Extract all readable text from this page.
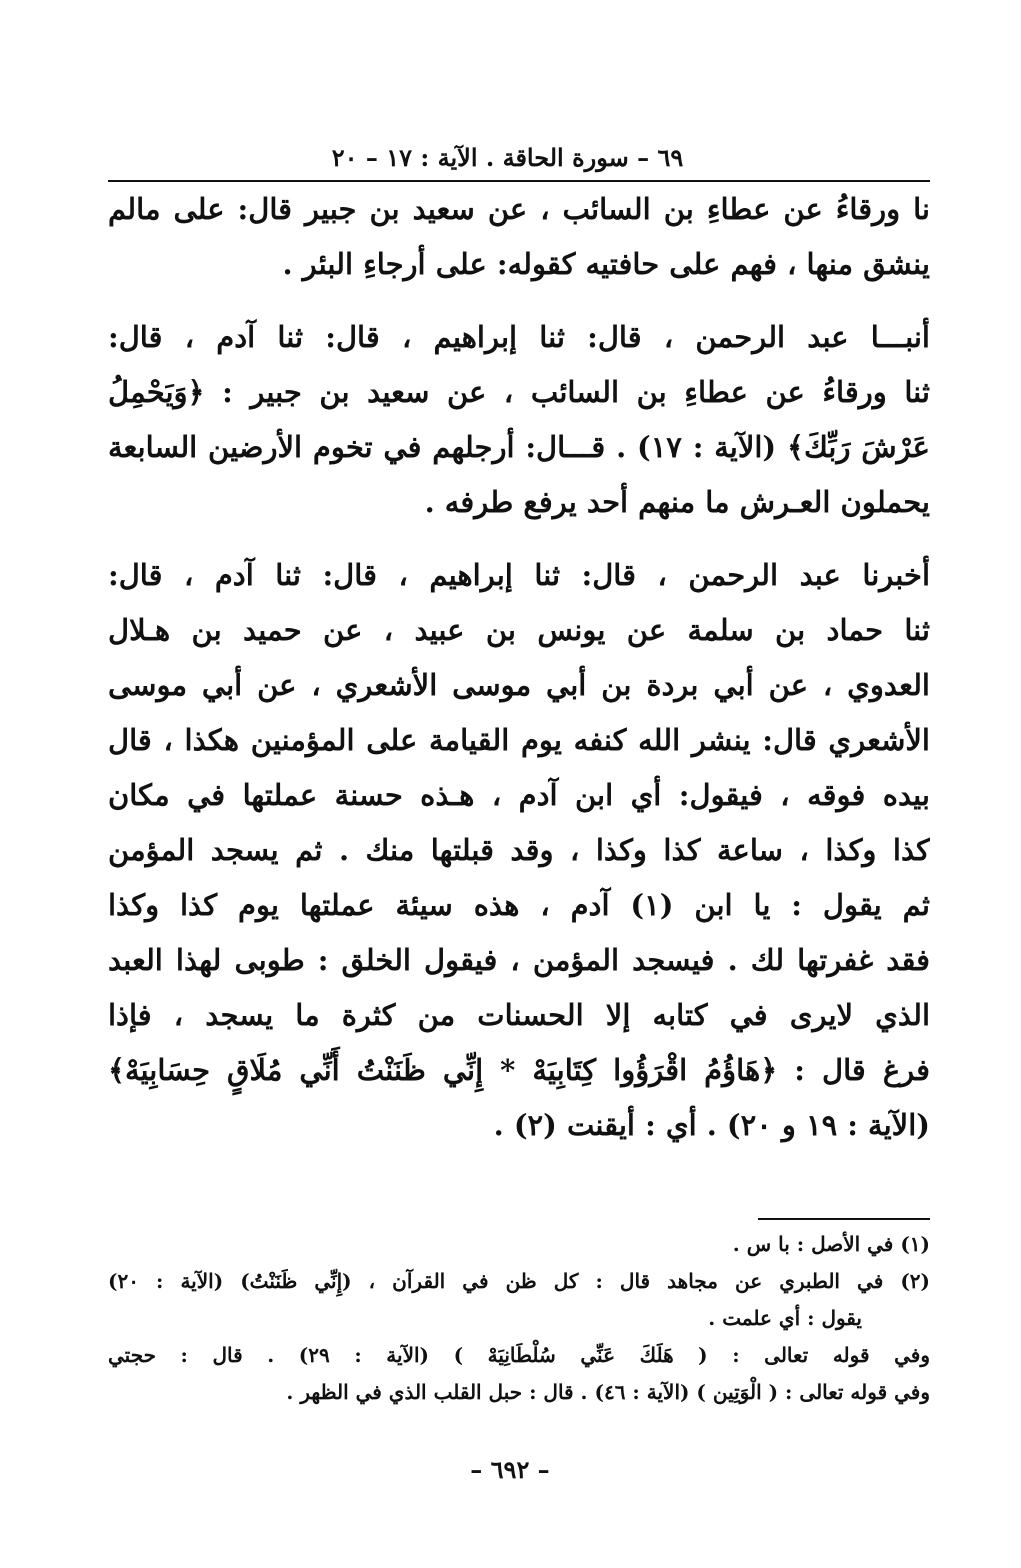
٦٩ – سورة الحاقة . الآية : ١٧ – ٢٠
نا ورقاءُ عن عطاءِ بن السائب ، عن سعيد بن جبير قال: على مالم
ينشق منها ، فهم على حافتيه كقوله: على أرجاءِ البئر .
أنبـــا عبد الرحمن ، قال: ثنا إبراهيم ، قال: ثنا آدم ، قال:
ثنا ورقاءُ عن عطاءِ بن السائب ، عن سعيد بن جبير : ﴿وَيَحْمِلُ
عَرْشَ رَبِّكَ﴾ (الآية : ١٧) . قـــال: أرجلهم في تخوم الأرضين السابعة
يحملون العـرش ما منهم أحد يرفع طرفه .
أخبرنا عبد الرحمن ، قال: ثنا إبراهيم ، قال: ثنا آدم ، قال:
ثنا حماد بن سلمة عن يونس بن عبيد ، عن حميد بن هـلال
العدوي ، عن أبي بردة بن أبي موسى الأشعري ، عن أبي موسى
الأشعري قال: ينشر الله كنفه يوم القيامة على المؤمنين هكذا ، قال
بيده فوقه ، فيقول: أي ابن آدم ، هـذه حسنة عملتها في مكان
كذا وكذا ، ساعة كذا وكذا ، وقد قبلتها منك . ثم يسجد المؤمن
ثم يقول : يا ابن (١) آدم ، هذه سيئة عملتها يوم كذا وكذا
فقد غفرتها لك . فيسجد المؤمن ، فيقول الخلق : طوبى لهذا العبد
الذي لايرى في كتابه إلا الحسنات من كثرة ما يسجد ، فإذا
فرغ قال : ﴿هَاؤُمُ اقْرَؤُوا كِتَابِيَهْ * إِنِّي ظَنَنْتُ أَنِّي مُلَاقٍ حِسَابِيَهْ﴾
(الآية : ١٩ و ٢٠) . أي : أيقنت (٢) .
(١) في الأصل : با س .
(٢) في الطبري عن مجاهد قال : كل ظن في القرآن ، (إِنِّي ظَنَنْتُ) (الآية : ٢٠)
يقول : أي علمت .
وفي قوله تعالى : ( هَلَكَ عَنِّي سُلْطَانِيَهْ ) (الآية : ٢٩) . قال : حجتي
وفي قوله تعالى : ( الْوَتِين ) (الآية : ٤٦) . قال : حبل القلب الذي في الظهر .
– ٦٩٢ –
